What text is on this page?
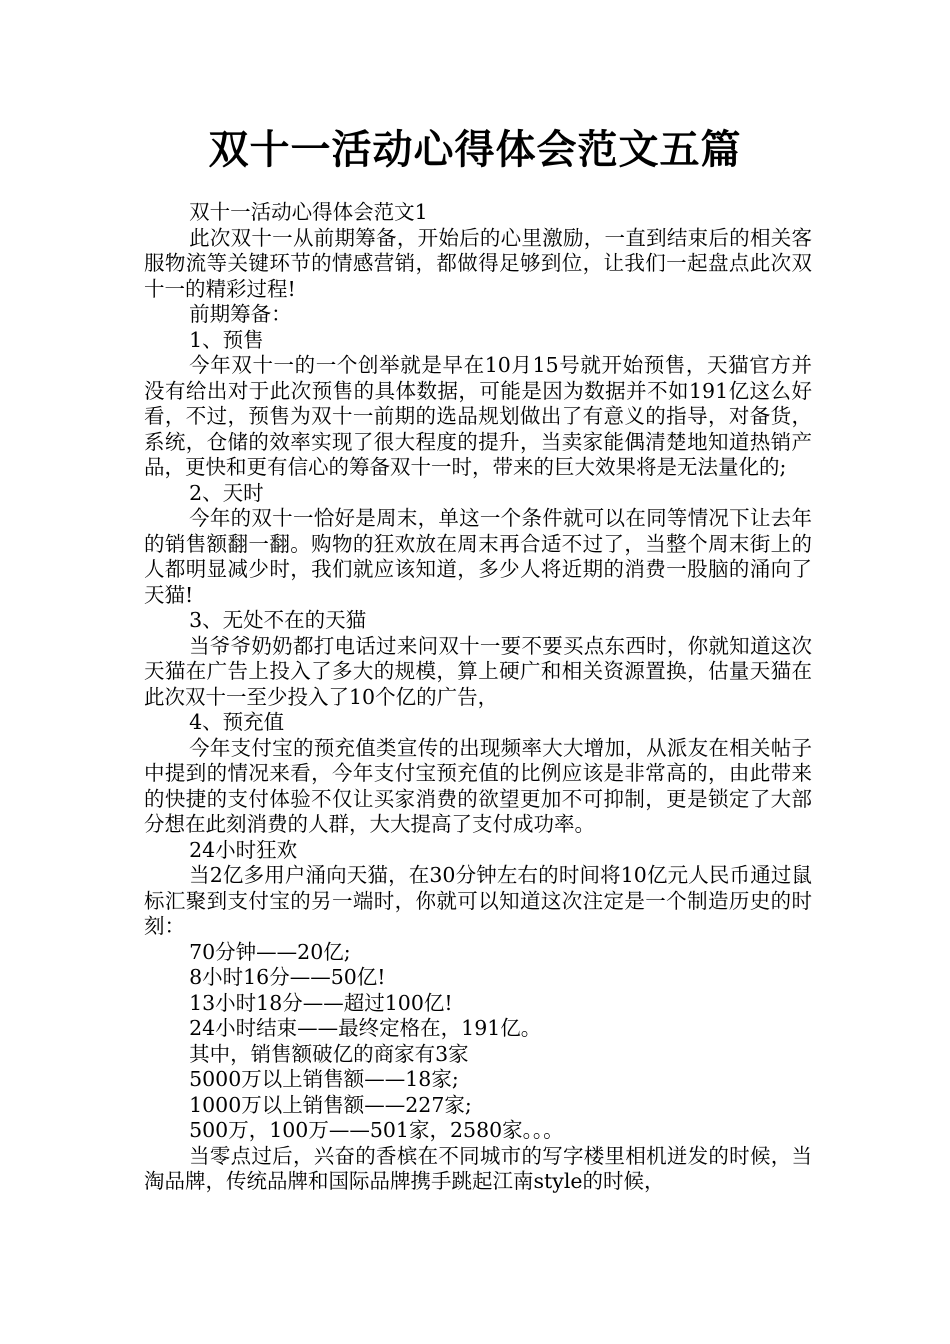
双十一活动心得体会范文五篇

双十一活动心得体会范文1

此次双十一从前期筹备，开始后的心里激励，一直到结束后的相关客服物流等关键环节的情感营销，都做得足够到位，让我们一起盘点此次双十一的精彩过程!

前期筹备：

1、预售

今年双十一的一个创举就是早在10月15号就开始预售，天猫官方并没有给出对于此次预售的具体数据，可能是因为数据并不如191亿这么好看，不过，预售为双十一前期的选品规划做出了有意义的指导，对备货，系统，仓储的效率实现了很大程度的提升，当卖家能偶清楚地知道热销产品，更快和更有信心的筹备双十一时，带来的巨大效果将是无法量化的;

2、天时

今年的双十一恰好是周末，单这一个条件就可以在同等情况下让去年的销售额翻一翻。购物的狂欢放在周末再合适不过了，当整个周末街上的人都明显减少时，我们就应该知道，多少人将近期的消费一股脑的涌向了天猫!

3、无处不在的天猫

当爷爷奶奶都打电话过来问双十一要不要买点东西时，你就知道这次天猫在广告上投入了多大的规模，算上硬广和相关资源置换，估量天猫在此次双十一至少投入了10个亿的广告，

4、预充值

今年支付宝的预充值类宣传的出现频率大大增加，从派友在相关帖子中提到的情况来看，今年支付宝预充值的比例应该是非常高的，由此带来的快捷的支付体验不仅让买家消费的欲望更加不可抑制，更是锁定了大部分想在此刻消费的人群，大大提高了支付成功率。

24小时狂欢

当2亿多用户涌向天猫，在30分钟左右的时间将10亿元人民币通过鼠标汇聚到支付宝的另一端时，你就可以知道这次注定是一个制造历史的时刻：

70分钟——20亿;

8小时16分——50亿!

13小时18分——超过100亿!

24小时结束——最终定格在，191亿。

其中，销售额破亿的商家有3家

5000万以上销售额——18家;

1000万以上销售额——227家;

500万，100万——501家，2580家。。。

当零点过后，兴奋的香槟在不同城市的写字楼里相机迸发的时候，当淘品牌，传统品牌和国际品牌携手跳起江南style的时候，
